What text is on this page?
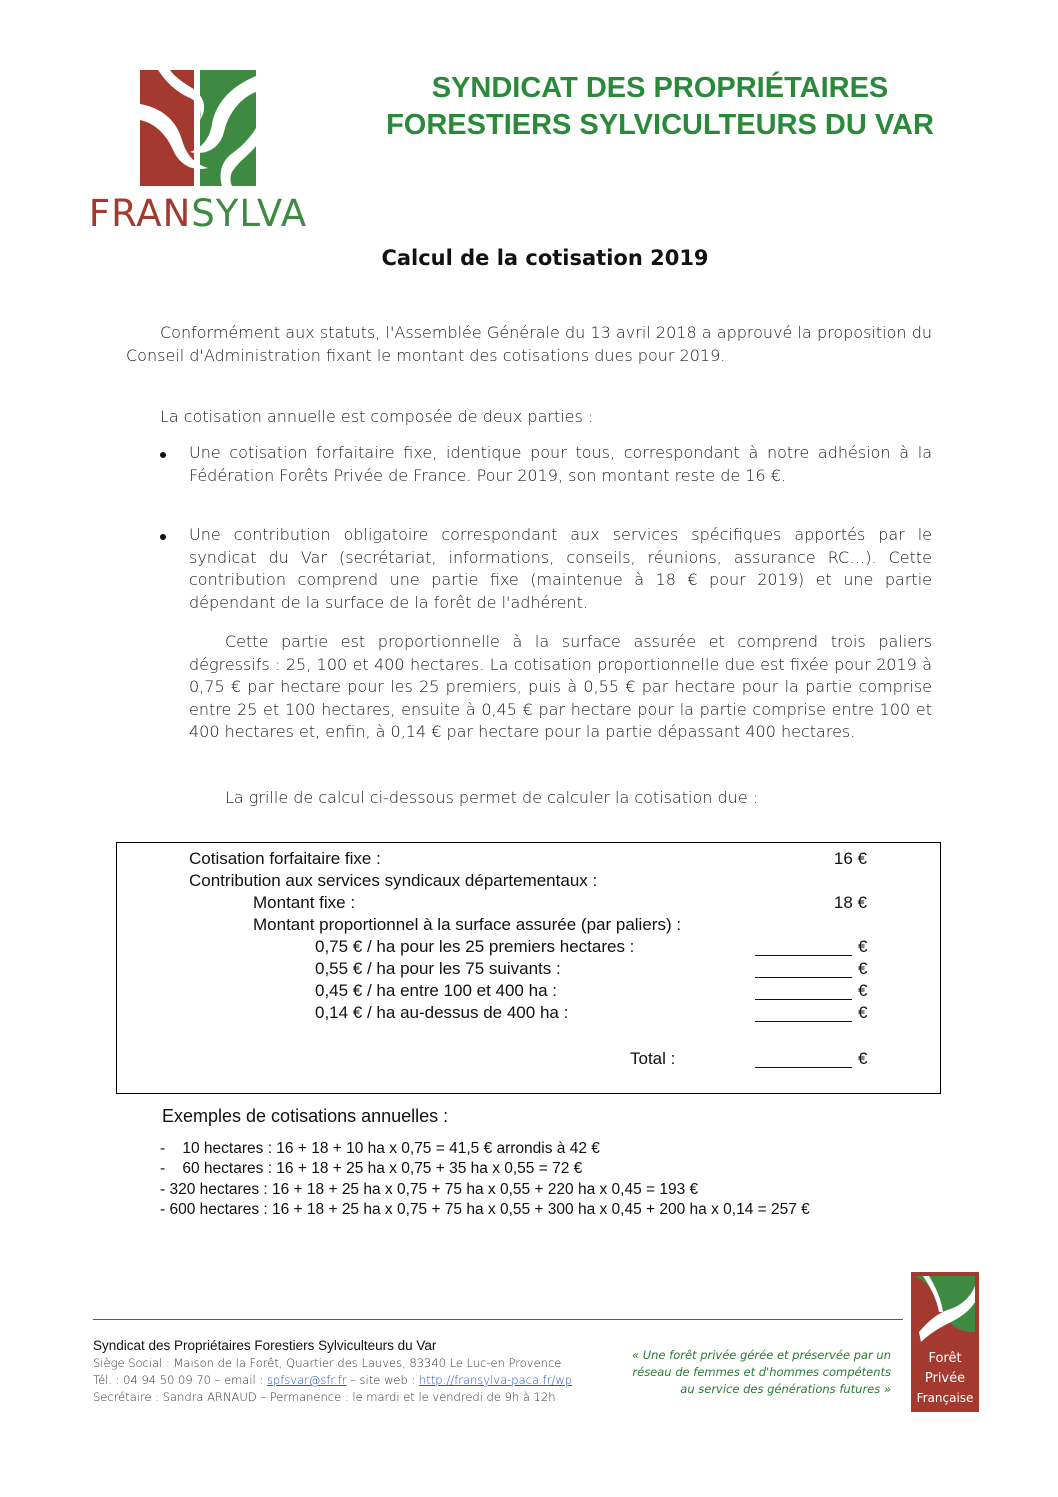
FRANSYLVA
SYNDICAT DES PROPRIÉTAIRES
FORESTIERS SYLVICULTEURS DU VAR
Calcul de la cotisation 2019
Conformément aux statuts, l'Assemblée Générale du 13 avril 2018 a approuvé la proposition du Conseil d'Administration fixant le montant des cotisations dues pour 2019.
La cotisation annuelle est composée de deux parties :
Une cotisation forfaitaire fixe, identique pour tous, correspondant à notre adhésion à la Fédération Forêts Privée de France. Pour 2019, son montant reste de 16 €.
Une contribution obligatoire correspondant aux services spécifiques apportés par le syndicat du Var (secrétariat, informations, conseils, réunions, assurance RC…). Cette contribution comprend une partie fixe (maintenue à 18 € pour 2019) et une partie dépendant de la surface de la forêt de l'adhérent.
Cette partie est proportionnelle à la surface assurée et comprend trois paliers dégressifs : 25, 100 et 400 hectares. La cotisation proportionnelle due est fixée pour 2019 à 0,75 € par hectare pour les 25 premiers, puis à 0,55 € par hectare pour la partie comprise entre 25 et 100 hectares, ensuite à 0,45 € par hectare pour la partie comprise entre 100 et 400 hectares et, enfin, à 0,14 € par hectare pour la partie dépassant 400 hectares.
La grille de calcul ci-dessous permet de calculer la cotisation due :
Cotisation forfaitaire fixe :	16 €
Contribution aux services syndicaux départementaux :
Montant fixe :	18 €
Montant proportionnel à la surface assurée (par paliers) :
0,75 € / ha pour les 25 premiers hectares :	€
0,55 € / ha pour les 75 suivants :	€
0,45 € / ha entre 100 et 400 ha :	€
0,14 € / ha au-dessus de 400 ha :	€
Total :	€
Exemples de cotisations annuelles :
-    10 hectares : 16 + 18 + 10 ha x 0,75 = 41,5 € arrondis à 42 €
-    60 hectares : 16 + 18 + 25 ha x 0,75 + 35 ha x 0,55 = 72 €
- 320 hectares : 16 + 18 + 25 ha x 0,75 + 75 ha x 0,55 + 220 ha x 0,45 = 193 €
- 600 hectares : 16 + 18 + 25 ha x 0,75 + 75 ha x 0,55 + 300 ha x 0,45 + 200 ha x 0,14 = 257 €
Syndicat des Propriétaires Forestiers Sylviculteurs du Var
Siège Social : Maison de la Forêt, Quartier des Lauves, 83340 Le Luc-en Provence
Tél. : 04 94 50 09 70 – email : spfsvar@sfr.fr – site web : http://fransylva-paca.fr/wp
Secrétaire : Sandra ARNAUD – Permanence : le mardi et le vendredi de 9h à 12h
« Une forêt privée gérée et préservée par un
réseau de femmes et d'hommes compétents
au service des générations futures »
Forêt
Privée
Française
